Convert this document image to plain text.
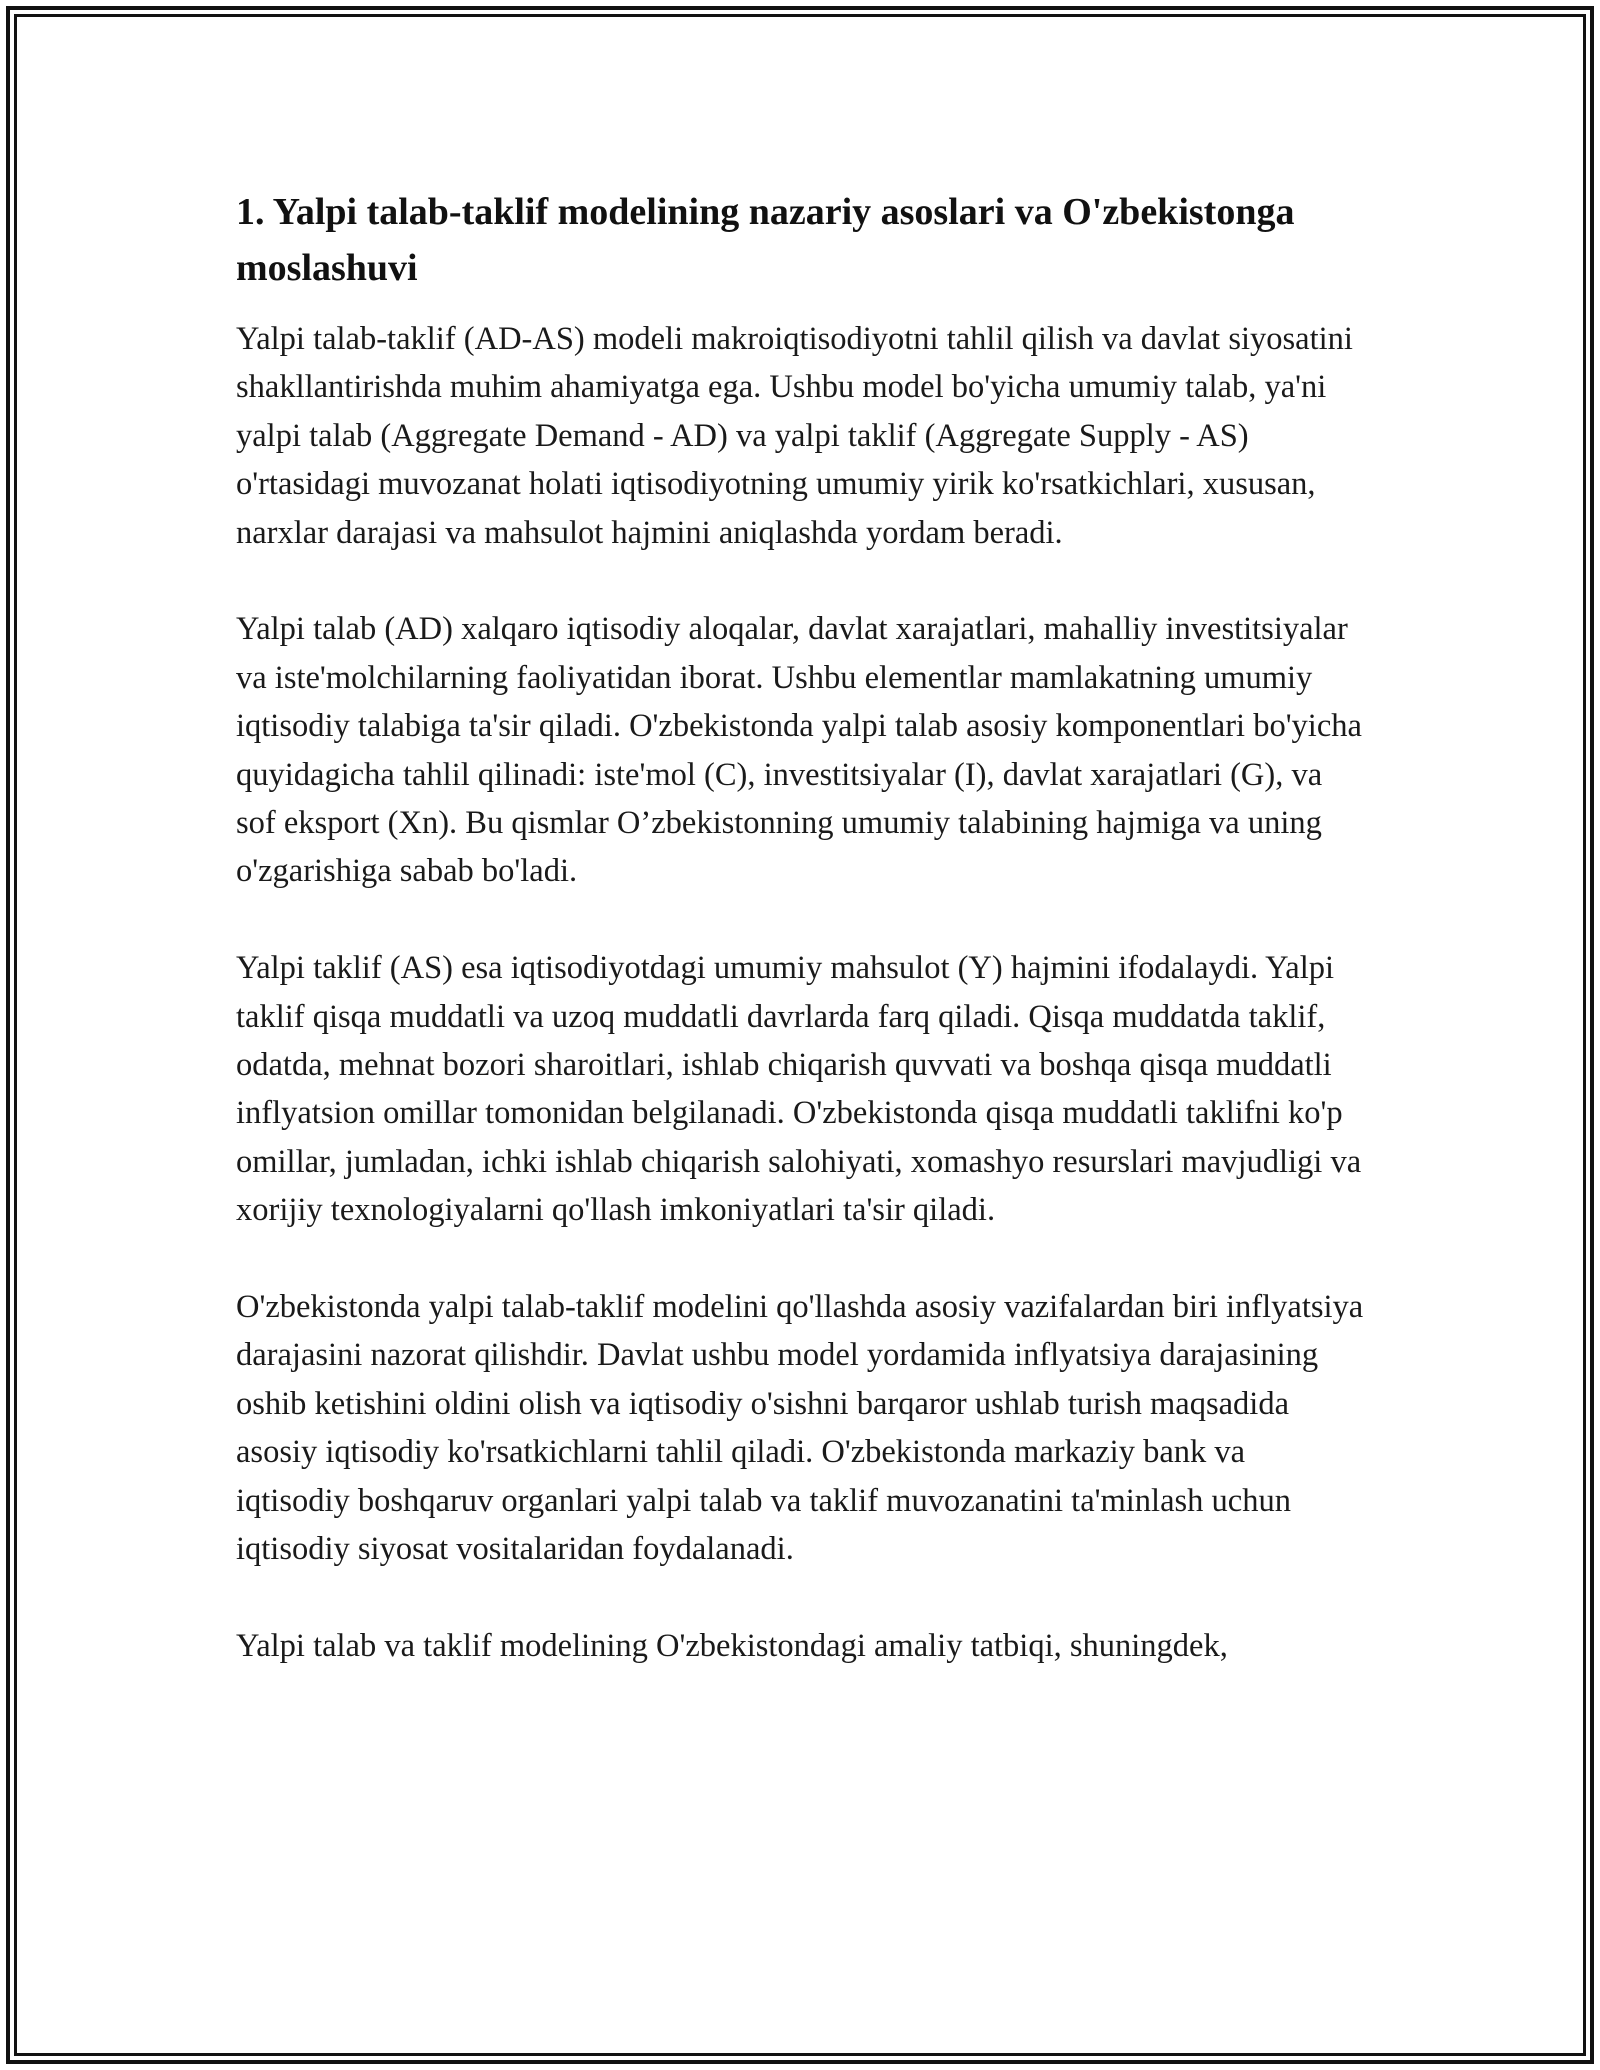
1. Yalpi talab-taklif modelining nazariy asoslari va O'zbekistonga moslashuvi

Yalpi talab-taklif (AD-AS) modeli makroiqtisodiyotni tahlil qilish va davlat siyosatini shakllantirishda muhim ahamiyatga ega. Ushbu model bo'yicha umumiy talab, ya'ni yalpi talab (Aggregate Demand - AD) va yalpi taklif (Aggregate Supply - AS) o'rtasidagi muvozanat holati iqtisodiyotning umumiy yirik ko'rsatkichlari, xususan, narxlar darajasi va mahsulot hajmini aniqlashda yordam beradi.

Yalpi talab (AD) xalqaro iqtisodiy aloqalar, davlat xarajatlari, mahalliy investitsiyalar va iste'molchilarning faoliyatidan iborat. Ushbu elementlar mamlakatning umumiy iqtisodiy talabiga ta'sir qiladi. O'zbekistonda yalpi talab asosiy komponentlari bo'yicha quyidagicha tahlil qilinadi: iste'mol (C), investitsiyalar (I), davlat xarajatlari (G), va sof eksport (Xn). Bu qismlar O’zbekistonning umumiy talabining hajmiga va uning o'zgarishiga sabab bo'ladi.

Yalpi taklif (AS) esa iqtisodiyotdagi umumiy mahsulot (Y) hajmini ifodalaydi. Yalpi taklif qisqa muddatli va uzoq muddatli davrlarda farq qiladi. Qisqa muddatda taklif, odatda, mehnat bozori sharoitlari, ishlab chiqarish quvvati va boshqa qisqa muddatli inflyatsion omillar tomonidan belgilanadi. O'zbekistonda qisqa muddatli taklifni ko'p omillar, jumladan, ichki ishlab chiqarish salohiyati, xomashyo resurslari mavjudligi va xorijiy texnologiyalarni qo'llash imkoniyatlari ta'sir qiladi.

O'zbekistonda yalpi talab-taklif modelini qo'llashda asosiy vazifalardan biri inflyatsiya darajasini nazorat qilishdir. Davlat ushbu model yordamida inflyatsiya darajasining oshib ketishini oldini olish va iqtisodiy o'sishni barqaror ushlab turish maqsadida asosiy iqtisodiy ko'rsatkichlarni tahlil qiladi. O'zbekistonda markaziy bank va iqtisodiy boshqaruv organlari yalpi talab va taklif muvozanatini ta'minlash uchun iqtisodiy siyosat vositalaridan foydalanadi.

Yalpi talab va taklif modelining O'zbekistondagi amaliy tatbiqi, shuningdek,
